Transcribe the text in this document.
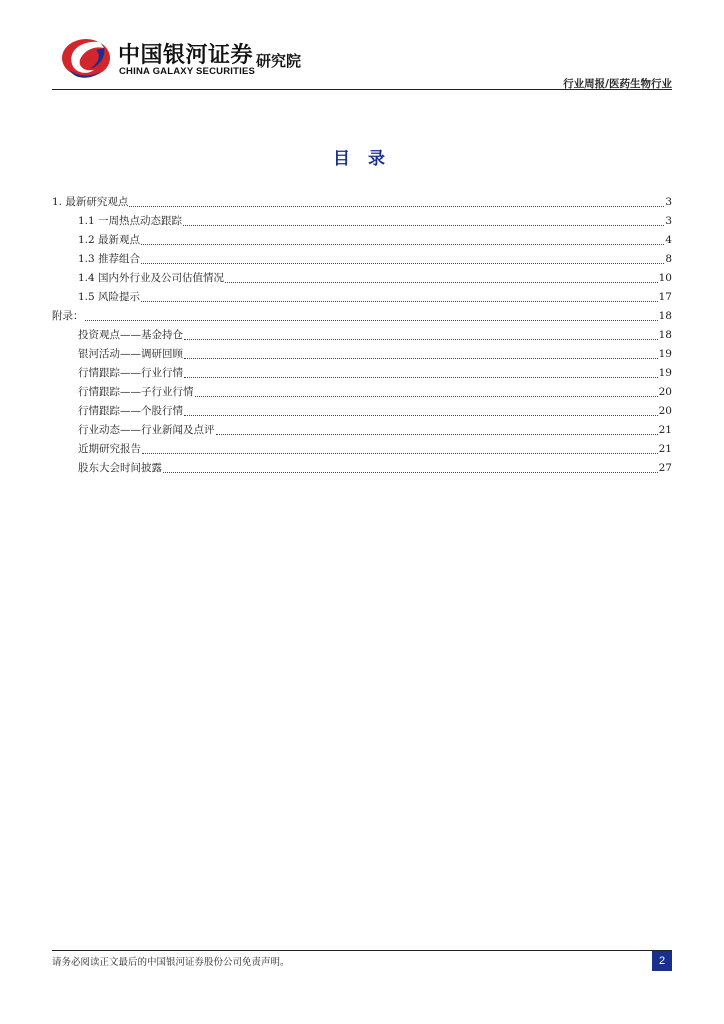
中国银河证券
CHINA GALAXY SECURITIES
研究院
行业周报/医药生物行业
目 录
1. 最新研究观点	3
1.1 一周热点动态跟踪	3
1.2 最新观点	4
1.3 推荐组合	8
1.4 国内外行业及公司估值情况	10
1.5 风险提示	17
附录：	18
投资观点——基金持仓	18
银河活动——调研回顾	19
行情跟踪——行业行情	19
行情跟踪——子行业行情	20
行情跟踪——个股行情	20
行业动态——行业新闻及点评	21
近期研究报告	21
股东大会时间披露	27
请务必阅读正文最后的中国银河证券股份公司免责声明。	2
